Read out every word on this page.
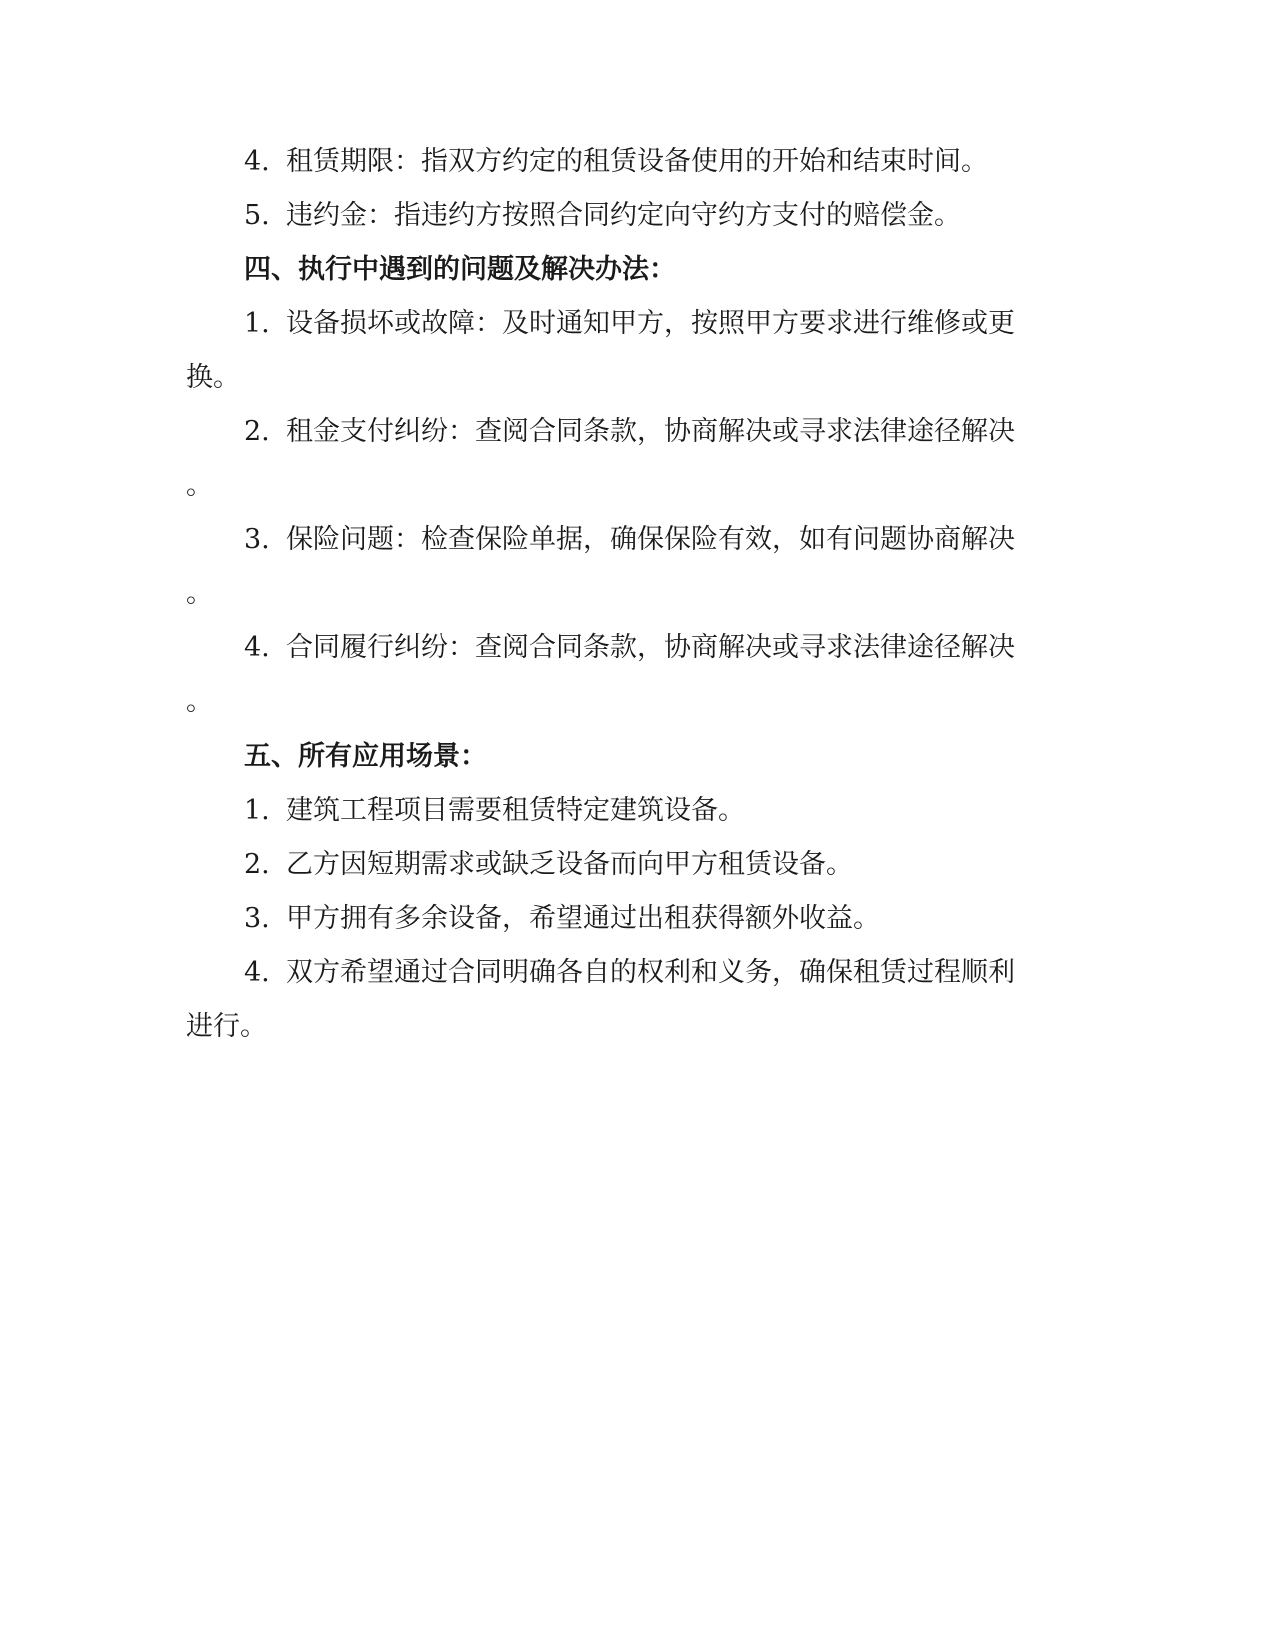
4. 租赁期限：指双方约定的租赁设备使用的开始和结束时间。
5. 违约金：指违约方按照合同约定向守约方支付的赔偿金。
四、执行中遇到的问题及解决办法：
1. 设备损坏或故障：及时通知甲方，按照甲方要求进行维修或更
换。
2. 租金支付纠纷：查阅合同条款，协商解决或寻求法律途径解决
。
3. 保险问题：检查保险单据，确保保险有效，如有问题协商解决
。
4. 合同履行纠纷：查阅合同条款，协商解决或寻求法律途径解决
。
五、所有应用场景：
1. 建筑工程项目需要租赁特定建筑设备。
2. 乙方因短期需求或缺乏设备而向甲方租赁设备。
3. 甲方拥有多余设备，希望通过出租获得额外收益。
4. 双方希望通过合同明确各自的权利和义务，确保租赁过程顺利
进行。
